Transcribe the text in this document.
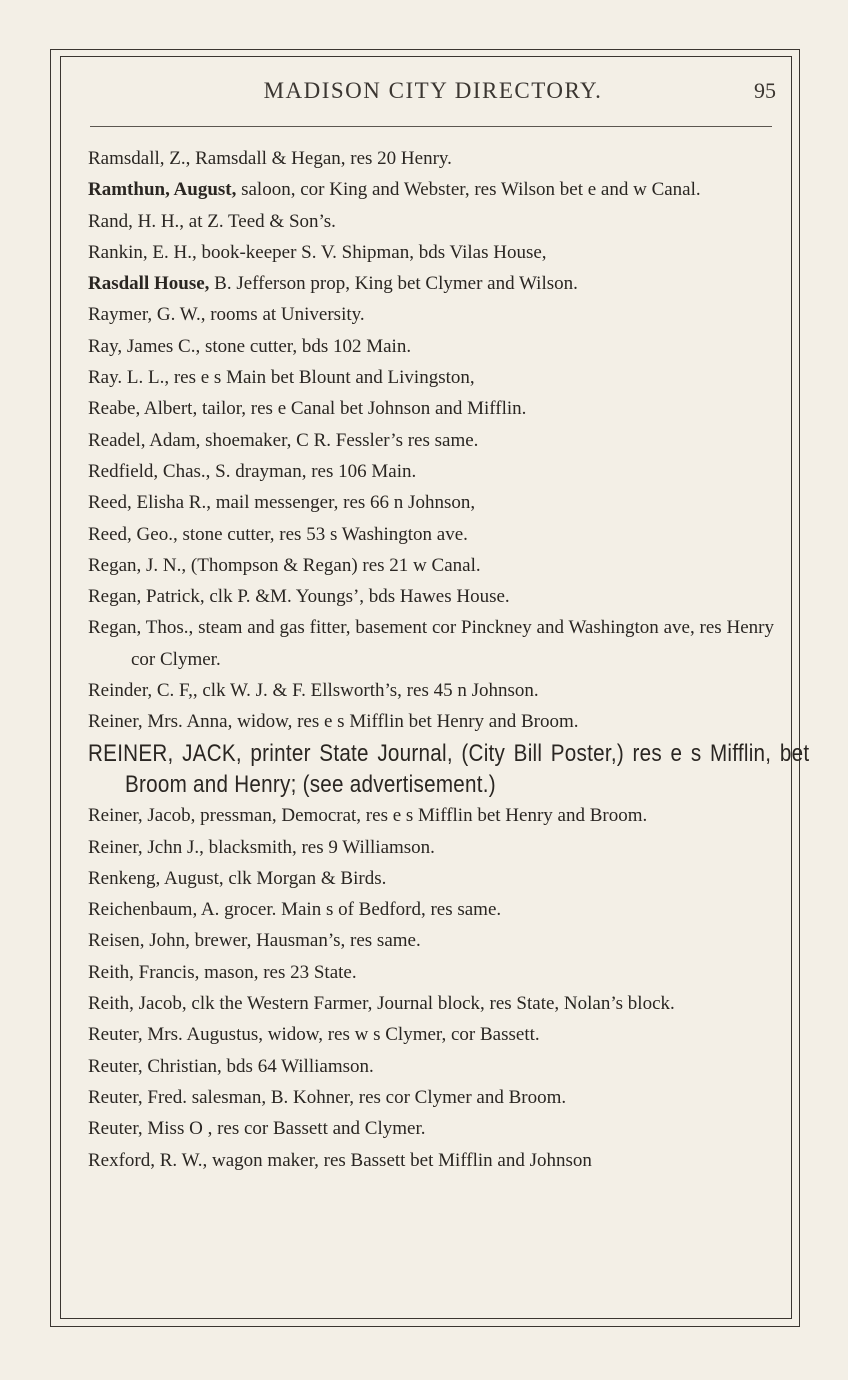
MADISON CITY DIRECTORY.	95
Ramsdall, Z., Ramsdall & Hegan, res 20 Henry.
Ramthun, August, saloon, cor King and Webster, res Wilson bet e and w Canal.
Rand, H. H., at Z. Teed & Son’s.
Rankin, E. H., book-keeper S. V. Shipman, bds Vilas House,
Rasdall House, B. Jefferson prop, King bet Clymer and Wilson.
Raymer, G. W., rooms at University.
Ray, James C., stone cutter, bds 102 Main.
Ray. L. L., res e s Main bet Blount and Livingston,
Reabe, Albert, tailor, res e Canal bet Johnson and Mifflin.
Readel, Adam, shoemaker, C R. Fessler’s res same.
Redfield, Chas., S. drayman, res 106 Main.
Reed, Elisha R., mail messenger, res 66 n Johnson,
Reed, Geo., stone cutter, res 53 s Washington ave.
Regan, J. N., (Thompson & Regan) res 21 w Canal.
Regan, Patrick, clk P. &M. Youngs’, bds Hawes House.
Regan, Thos., steam and gas fitter, basement cor Pinckney and Washington ave, res Henry cor Clymer.
Reinder, C. F,, clk W. J. & F. Ellsworth’s, res 45 n Johnson.
Reiner, Mrs. Anna, widow, res e s Mifflin bet Henry and Broom.
REINER, JACK, printer State Journal, (City Bill Poster,) res e s Mifflin, bet Broom and Henry; (see advertisement.)
Reiner, Jacob, pressman, Democrat, res e s Mifflin bet Henry and Broom.
Reiner, Jchn J., blacksmith, res 9 Williamson.
Renkeng, August, clk Morgan & Birds.
Reichenbaum, A. grocer. Main s of Bedford, res same.
Reisen, John, brewer, Hausman’s, res same.
Reith, Francis, mason, res 23 State.
Reith, Jacob, clk the Western Farmer, Journal block, res State, Nolan’s block.
Reuter, Mrs. Augustus, widow, res w s Clymer, cor Bassett.
Reuter, Christian, bds 64 Williamson.
Reuter, Fred. salesman, B. Kohner, res cor Clymer and Broom.
Reuter, Miss O , res cor Bassett and Clymer.
Rexford, R. W., wagon maker, res Bassett bet Mifflin and Johnson
